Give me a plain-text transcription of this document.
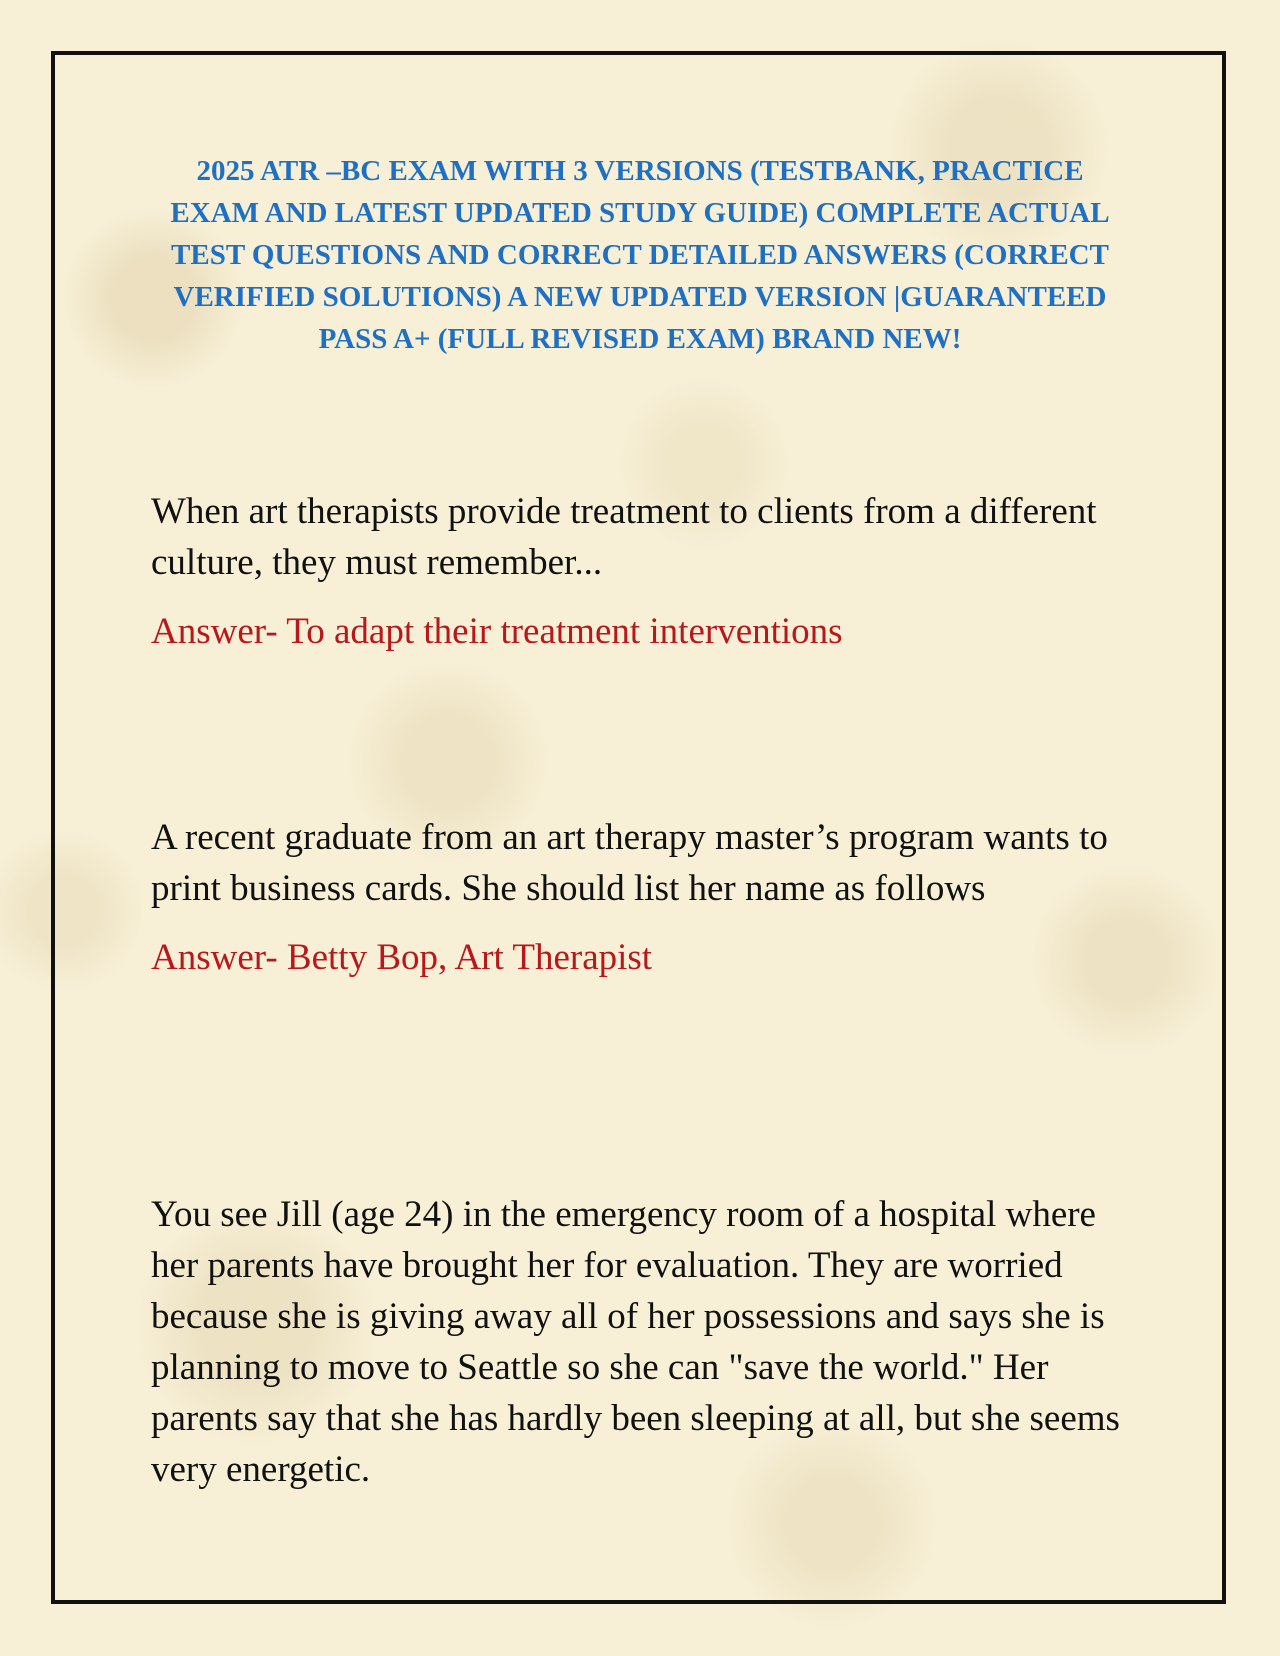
2025 ATR –BC EXAM WITH 3 VERSIONS (TESTBANK, PRACTICE EXAM AND LATEST UPDATED STUDY GUIDE) COMPLETE ACTUAL TEST QUESTIONS AND CORRECT DETAILED ANSWERS (CORRECT VERIFIED SOLUTIONS) A NEW UPDATED VERSION |GUARANTEED PASS A+ (FULL REVISED EXAM) BRAND NEW!

When art therapists provide treatment to clients from a different culture, they must remember...

Answer- To adapt their treatment interventions

A recent graduate from an art therapy master’s program wants to print business cards. She should list her name as follows

Answer- Betty Bop, Art Therapist

You see Jill (age 24) in the emergency room of a hospital where her parents have brought her for evaluation. They are worried because she is giving away all of her possessions and says she is planning to move to Seattle so she can "save the world." Her parents say that she has hardly been sleeping at all, but she seems very energetic.
